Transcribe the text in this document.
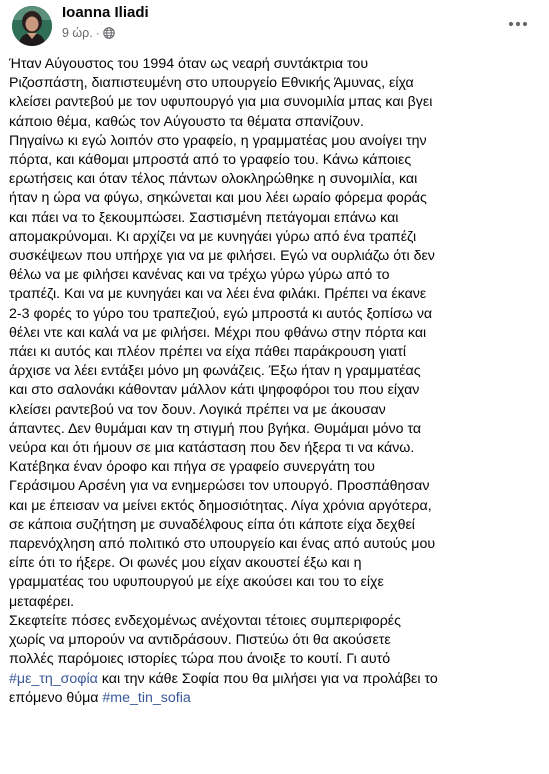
Ioanna Iliadi
9 ώρ. ·

Ήταν Αύγουστος του 1994 όταν ως νεαρή συντάκτρια του
Ριζοσπάστη, διαπιστευμένη στο υπουργείο Εθνικής Άμυνας, είχα
κλείσει ραντεβού με τον υφυπουργό για μια συνομιλία μπας και βγει
κάποιο θέμα, καθώς τον Αύγουστο τα θέματα σπανίζουν.
Πηγαίνω κι εγώ λοιπόν στο γραφείο, η γραμματέας μου ανοίγει την
πόρτα, και κάθομαι μπροστά από το γραφείο του. Κάνω κάποιες
ερωτήσεις και όταν τέλος πάντων ολοκληρώθηκε η συνομιλία, και
ήταν η ώρα να φύγω, σηκώνεται και μου λέει ωραίο φόρεμα φοράς
και πάει να το ξεκουμπώσει. Σαστισμένη πετάγομαι επάνω και
απομακρύνομαι. Κι αρχίζει να με κυνηγάει γύρω από ένα τραπέζι
συσκέψεων που υπήρχε για να με φιλήσει. Εγώ να ουρλιάζω ότι δεν
θέλω να με φιλήσει κανένας και να τρέχω γύρω γύρω από το
τραπέζι. Και να με κυνηγάει και να λέει ένα φιλάκι. Πρέπει να έκανε
2-3 φορές το γύρο του τραπεζιού, εγώ μπροστά κι αυτός ξοπίσω να
θέλει ντε και καλά να με φιλήσει. Μέχρι που φθάνω στην πόρτα και
πάει κι αυτός και πλέον πρέπει να είχα πάθει παράκρουση γιατί
άρχισε να λέει εντάξει μόνο μη φωνάζεις. Έξω ήταν η γραμματέας
και στο σαλονάκι κάθονταν μάλλον κάτι ψηφοφόροι του που είχαν
κλείσει ραντεβού να τον δουν. Λογικά πρέπει να με άκουσαν
άπαντες. Δεν θυμάμαι καν τη στιγμή που βγήκα. Θυμάμαι μόνο τα
νεύρα και ότι ήμουν σε μια κατάσταση που δεν ήξερα τι να κάνω.
Κατέβηκα έναν όροφο και πήγα σε γραφείο συνεργάτη του
Γεράσιμου Αρσένη για να ενημερώσει τον υπουργό. Προσπάθησαν
και με έπεισαν να μείνει εκτός δημοσιότητας. Λίγα χρόνια αργότερα,
σε κάποια συζήτηση με συναδέλφους είπα ότι κάποτε είχα δεχθεί
παρενόχληση από πολιτικό στο υπουργείο και ένας από αυτούς μου
είπε ότι το ήξερε. Οι φωνές μου είχαν ακουστεί έξω και η
γραμματέας του υφυπουργού με είχε ακούσει και του το είχε
μεταφέρει.
Σκεφτείτε πόσες ενδεχομένως ανέχονται τέτοιες συμπεριφορές
χωρίς να μπορούν να αντιδράσουν. Πιστεύω ότι θα ακούσετε
πολλές παρόμοιες ιστορίες τώρα που άνοιξε το κουτί. Γι αυτό
#με_τη_σοφία και την κάθε Σοφία που θα μιλήσει για να προλάβει το
επόμενο θύμα #me_tin_sofia
